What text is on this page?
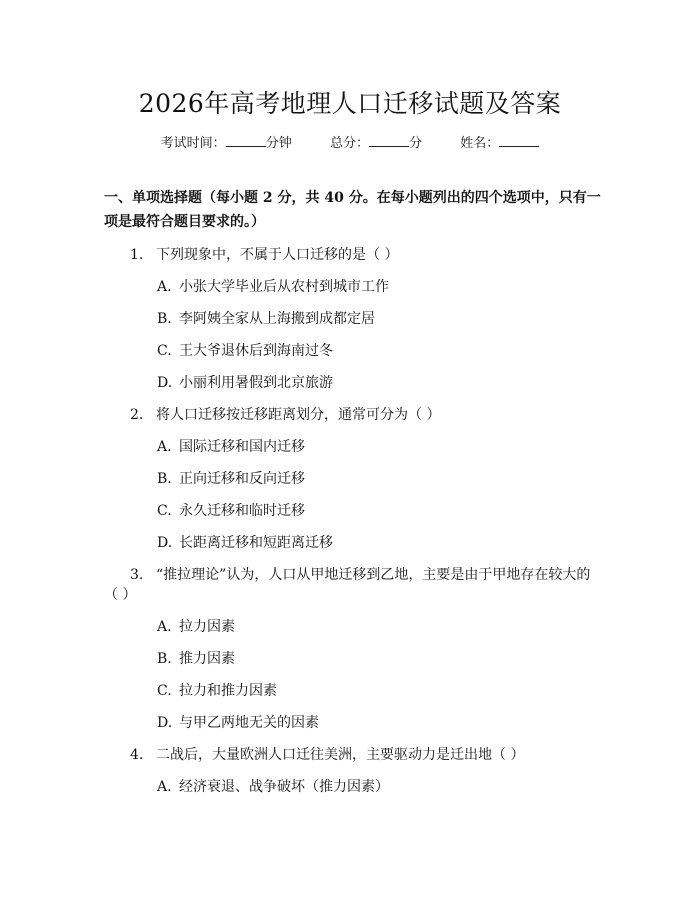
2026年高考地理人口迁移试题及答案
考试时间：	分钟	总分：	分	姓名：
一、单项选择题（每小题 2 分，共 40 分。在每小题列出的四个选项中，只有一项是最符合题目要求的。）
1. 下列现象中，不属于人口迁移的是（ ）
A. 小张大学毕业后从农村到城市工作
B. 李阿姨全家从上海搬到成都定居
C. 王大爷退休后到海南过冬
D. 小丽利用暑假到北京旅游
2. 将人口迁移按迁移距离划分，通常可分为（ ）
A. 国际迁移和国内迁移
B. 正向迁移和反向迁移
C. 永久迁移和临时迁移
D. 长距离迁移和短距离迁移
3. “推拉理论”认为，人口从甲地迁移到乙地，主要是由于甲地存在较大的
（ ）
A. 拉力因素
B. 推力因素
C. 拉力和推力因素
D. 与甲乙两地无关的因素
4. 二战后，大量欧洲人口迁往美洲，主要驱动力是迁出地（ ）
A. 经济衰退、战争破坏（推力因素）
